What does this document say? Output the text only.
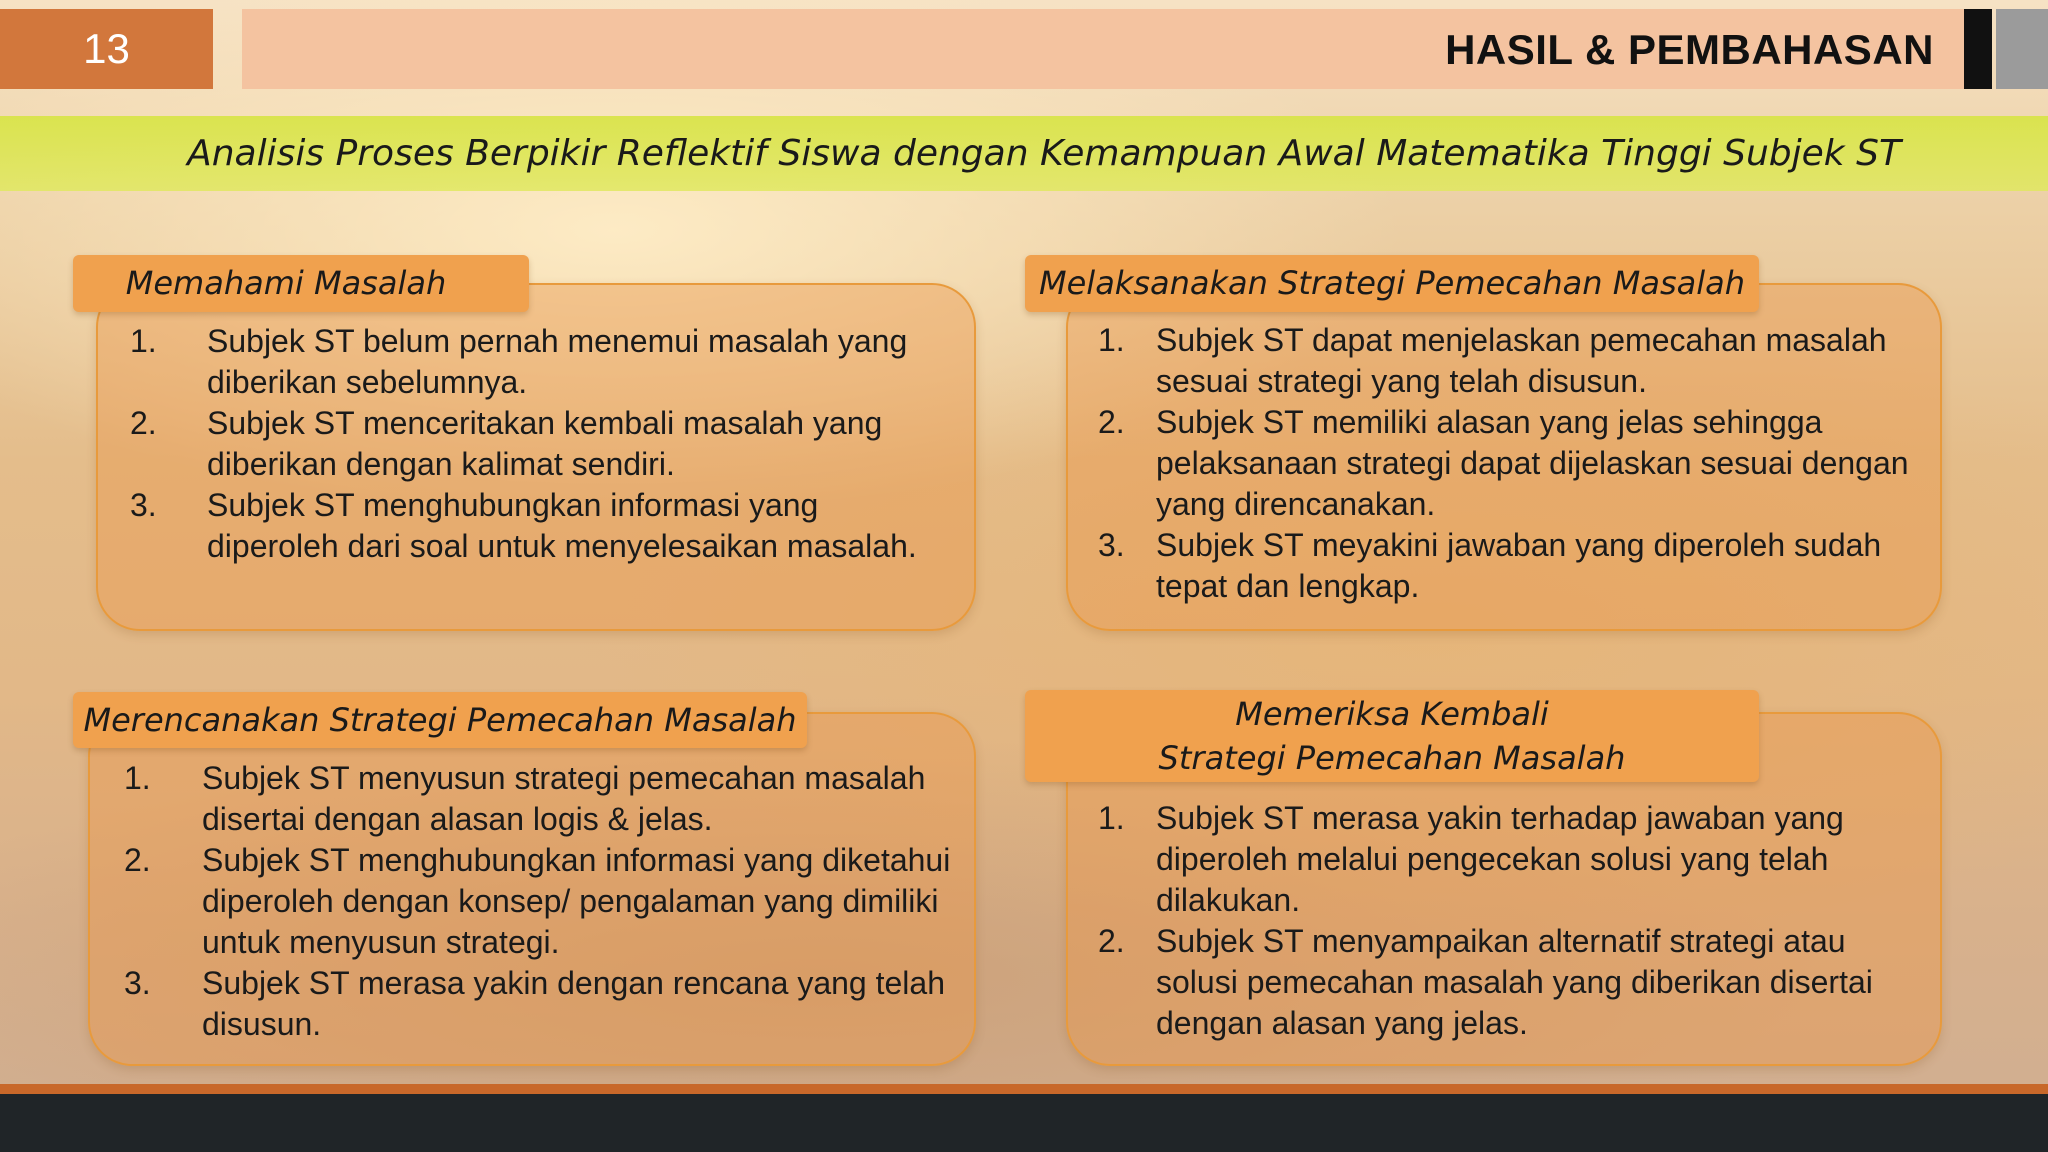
13	HASIL & PEMBAHASAN
Analisis Proses Berpikir Reflektif Siswa dengan Kemampuan Awal Matematika Tinggi Subjek ST
1.	Subjek ST belum pernah menemui masalah yang diberikan sebelumnya.
2.	Subjek ST menceritakan kembali masalah yang diberikan dengan kalimat sendiri.
3.	Subjek ST menghubungkan informasi yang diperoleh dari soal untuk menyelesaikan masalah.
Memahami Masalah
1.	Subjek ST menyusun strategi pemecahan masalah disertai dengan alasan logis & jelas.
2.	Subjek ST menghubungkan informasi yang diketahui diperoleh dengan konsep/ pengalaman yang dimiliki untuk menyusun strategi.
3.	Subjek ST merasa yakin dengan rencana yang telah disusun.
Merencanakan Strategi Pemecahan Masalah
1. Subjek ST dapat menjelaskan pemecahan masalah sesuai strategi yang telah disusun.
2. Subjek ST memiliki alasan yang jelas sehingga pelaksanaan strategi dapat dijelaskan sesuai dengan yang direncanakan.
3. Subjek ST meyakini jawaban yang diperoleh sudah tepat dan lengkap.
Melaksanakan Strategi Pemecahan Masalah
1. Subjek ST merasa yakin terhadap jawaban yang diperoleh melalui pengecekan solusi yang telah dilakukan.
2. Subjek ST menyampaikan alternatif strategi atau solusi pemecahan masalah yang diberikan disertai dengan alasan yang jelas.
Memeriksa Kembali
Strategi Pemecahan Masalah
